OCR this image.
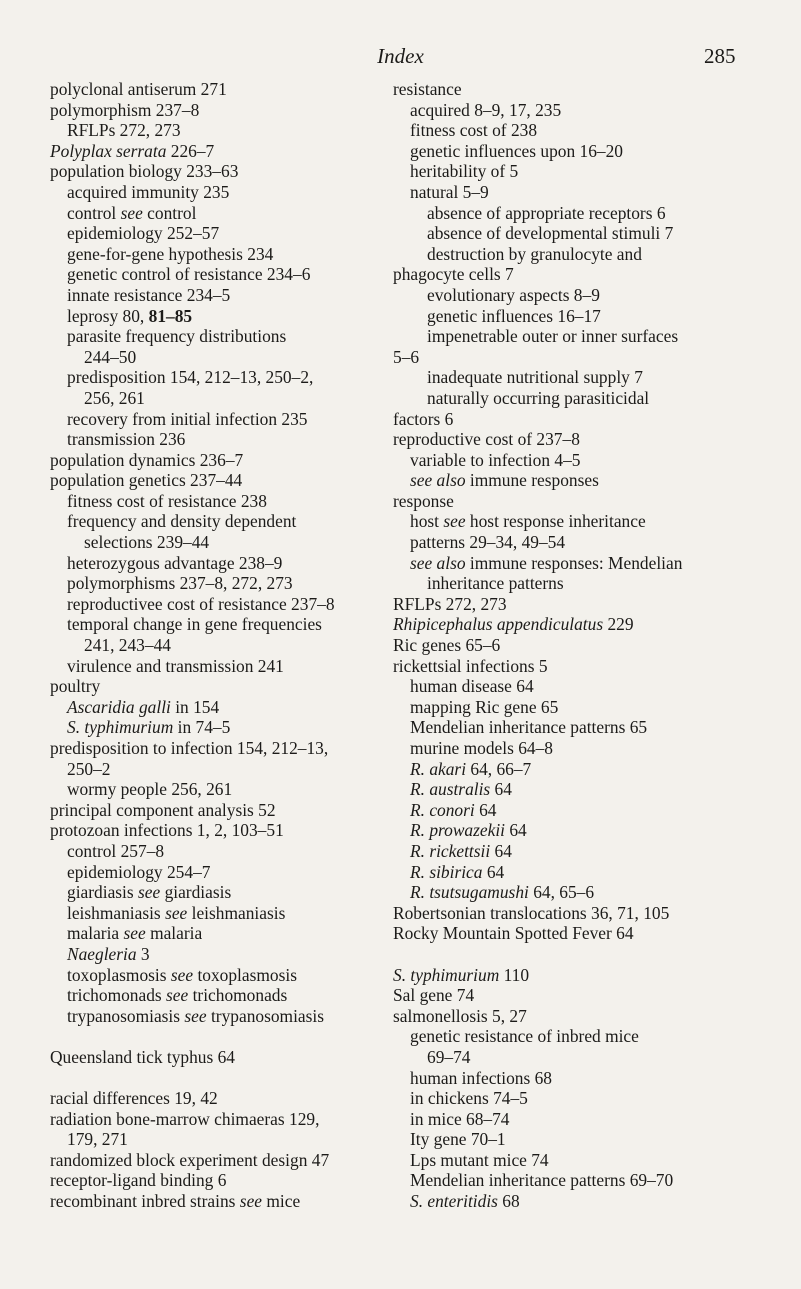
Index	285
polyclonal antiserum 271
polymorphism 237–8
RFLPs 272, 273
Polyplax serrata 226–7
population biology 233–63
acquired immunity 235
control see control
epidemiology 252–57
gene-for-gene hypothesis 234
genetic control of resistance 234–6
innate resistance 234–5
leprosy 80, 81–85
parasite frequency distributions
244–50
predisposition 154, 212–13, 250–2,
256, 261
recovery from initial infection 235
transmission 236
population dynamics 236–7
population genetics 237–44
fitness cost of resistance 238
frequency and density dependent
selections 239–44
heterozygous advantage 238–9
polymorphisms 237–8, 272, 273
reproductivee cost of resistance 237–8
temporal change in gene frequencies
241, 243–44
virulence and transmission 241
poultry
Ascaridia galli in 154
S. typhimurium in 74–5
predisposition to infection 154, 212–13,
250–2
wormy people 256, 261
principal component analysis 52
protozoan infections 1, 2, 103–51
control 257–8
epidemiology 254–7
giardiasis see giardiasis
leishmaniasis see leishmaniasis
malaria see malaria
Naegleria 3
toxoplasmosis see toxoplasmosis
trichomonads see trichomonads
trypanosomiasis see trypanosomiasis
Queensland tick typhus 64
racial differences 19, 42
radiation bone-marrow chimaeras 129,
179, 271
randomized block experiment design 47
receptor-ligand binding 6
recombinant inbred strains see mice
resistance
acquired 8–9, 17, 235
fitness cost of 238
genetic influences upon 16–20
heritability of 5
natural 5–9
absence of appropriate receptors 6
absence of developmental stimuli 7
destruction by granulocyte and
phagocyte cells 7
evolutionary aspects 8–9
genetic influences 16–17
impenetrable outer or inner surfaces
5–6
inadequate nutritional supply 7
naturally occurring parasiticidal
factors 6
reproductive cost of 237–8
variable to infection 4–5
see also immune responses
response
host see host response inheritance
patterns 29–34, 49–54
see also immune responses: Mendelian
inheritance patterns
RFLPs 272, 273
Rhipicephalus appendiculatus 229
Ric genes 65–6
rickettsial infections 5
human disease 64
mapping Ric gene 65
Mendelian inheritance patterns 65
murine models 64–8
R. akari 64, 66–7
R. australis 64
R. conori 64
R. prowazekii 64
R. rickettsii 64
R. sibirica 64
R. tsutsugamushi 64, 65–6
Robertsonian translocations 36, 71, 105
Rocky Mountain Spotted Fever 64
S. typhimurium 110
Sal gene 74
salmonellosis 5, 27
genetic resistance of inbred mice
69–74
human infections 68
in chickens 74–5
in mice 68–74
Ity gene 70–1
Lps mutant mice 74
Mendelian inheritance patterns 69–70
S. enteritidis 68
